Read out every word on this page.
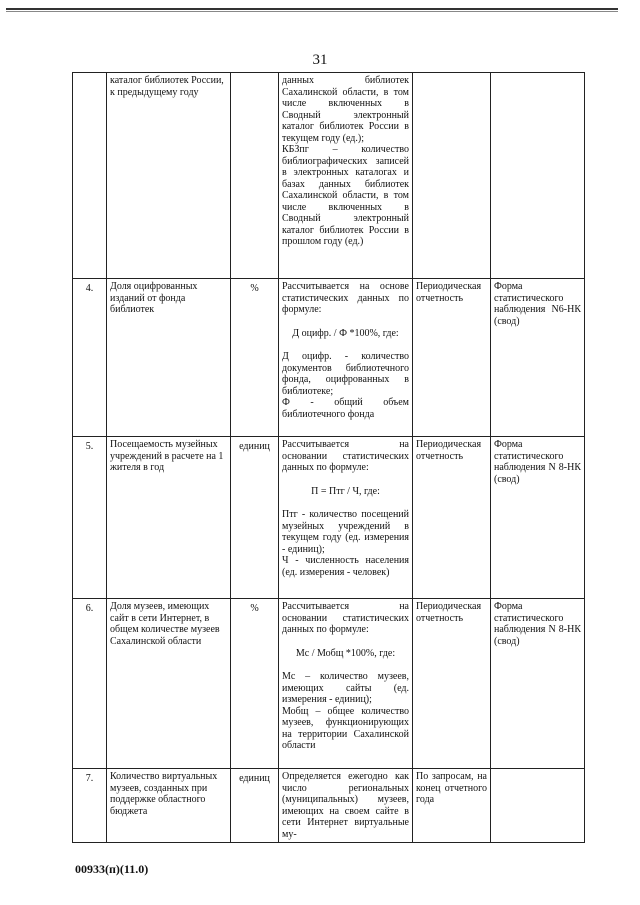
31
	каталог библиотек России, к предыдущему году		данных библиотек Сахалинской области, в том числе включенных в Сводный электронный каталог библиотек России в текущем году (ед.);
КБЗпг – количество библиографических записей в электронных каталогах и базах данных библиотек Сахалинской области, в том числе включенных в Сводный электронный каталог библиотек России в прошлом году (ед.)		

4.	Доля оцифрованных изданий от фонда библиотек	%	Рассчитывается на основе статистических данных по формуле:
Д оцифр. / Ф *100%, где:
Д оцифр. - количество документов библиотечного фонда, оцифрованных в библиотеке;
Ф - общий объем библиотечного фонда	Периодическая отчетность	Форма статистического наблюдения N6-НК (свод)
5.	Посещаемость музейных учреждений в расчете на 1 жителя в год	единиц	Рассчитывается на основании статистических данных по формуле:
П = Птг / Ч, где:
Птг - количество посещений музейных учреждений в текущем году (ед. измерения - единиц);
Ч - численность населения (ед. измерения - человек)	Периодическая отчетность	Форма статистического наблюдения N 8-НК (свод)
6.	Доля музеев, имеющих сайт в сети Интернет, в общем количестве музеев Сахалинской области	%	Рассчитывается на основании статистических данных по формуле:
Мс / Мобщ *100%, где:
Мс – количество музеев, имеющих сайты (ед. измерения - единиц);
Мобщ – общее количество музеев, функционирующих на территории Сахалинской области	Периодическая отчетность	Форма статистического наблюдения N 8-НК (свод)
7.	Количество виртуальных музеев, созданных при поддержке областного бюджета	единиц	Определяется ежегодно как число региональных (муниципальных) музеев, имеющих на своем сайте в сети Интернет виртуальные му-	По запросам, на конец отчетного года	
00933(п)(11.0)
